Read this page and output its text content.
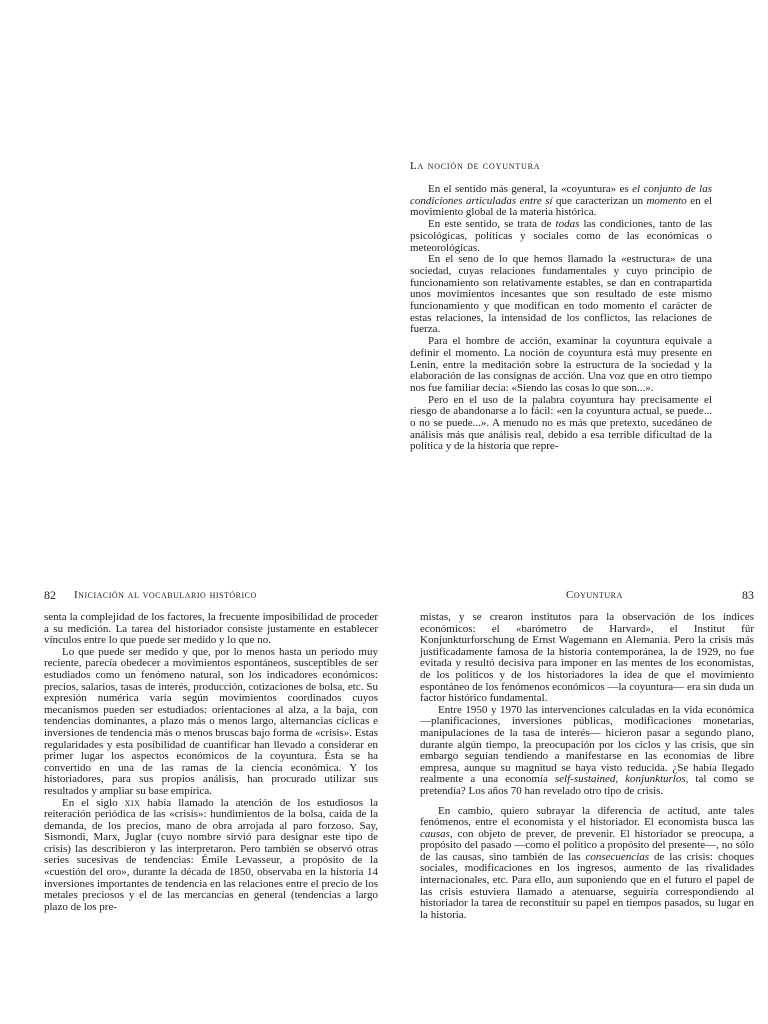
La noción de coyuntura

En el sentido más general, la «coyuntura» es el conjunto de las condiciones articuladas entre sí que caracterizan un momento en el movimiento global de la materia histórica.

En este sentido, se trata de todas las condiciones, tanto de las psicológicas, políticas y sociales como de las económicas o meteorológicas.

En el seno de lo que hemos llamado la «estructura» de una sociedad, cuyas relaciones fundamentales y cuyo principio de funcionamiento son relativamente estables, se dan en contrapartida unos movimientos incesantes que son resultado de este mismo funcionamiento y que modifican en todo momento el carácter de estas relaciones, la intensidad de los conflictos, las relaciones de fuerza.

Para el hombre de acción, examinar la coyuntura equivale a definir el momento. La noción de coyuntura está muy presente en Lenin, entre la meditación sobre la estructura de la sociedad y la elaboración de las consignas de acción. Una voz que en otro tiempo nos fue familiar decía: «Siendo las cosas lo que son...».

Pero en el uso de la palabra coyuntura hay precisamente el riesgo de abandonarse a lo fácil: «en la coyuntura actual, se puede... o no se puede...». A menudo no es más que pretexto, sucedáneo de análisis más que análisis real, debido a esa terrible dificultad de la política y de la historia que repre-

82 Iniciación al vocabulario histórico

senta la complejidad de los factores, la frecuente imposibilidad de proceder a su medición. La tarea del historiador consiste justamente en establecer vínculos entre lo que puede ser medido y lo que no.

Lo que puede ser medido y que, por lo menos hasta un período muy reciente, parecía obedecer a movimientos espontáneos, susceptibles de ser estudiados como un fenómeno natural, son los indicadores económicos: precios, salarios, tasas de interés, producción, cotizaciones de bolsa, etc. Su expresión numérica varía según movimientos coordinados cuyos mecanismos pueden ser estudiados: orientaciones al alza, a la baja, con tendencias dominantes, a plazo más o menos largo, alternancias cíclicas e inversiones de tendencia más o menos bruscas bajo forma de «crisis». Estas regularidades y esta posibilidad de cuantificar han llevado a considerar en primer lugar los aspectos económicos de la coyuntura. Ésta se ha convertido en una de las ramas de la ciencia económica. Y los historiadores, para sus propios análisis, han procurado utilizar sus resultados y ampliar su base empírica.

En el siglo xix había llamado la atención de los estudiosos la reiteración periódica de las «crisis»: hundimientos de la bolsa, caída de la demanda, de los precios, mano de obra arrojada al paro forzoso. Say, Sismondi, Marx, Juglar (cuyo nombre sirvió para designar este tipo de crisis) las describieron y las interpretaron. Pero también se observó otras series sucesivas de tendencias: Émile Levasseur, a propósito de la «cuestión del oro», durante la década de 1850, observaba en la historia 14 inversiones importantes de tendencia en las relaciones entre el precio de los metales preciosos y el de las mercancías en general (tendencias a largo plazo de los pre-

Coyuntura	83

mistas, y se crearon institutos para la observación de los índices económicos: el «barómetro de Harvard», el Institut für Konjunkturforschung de Ernst Wagemann en Alemania. Pero la crisis más justificadamente famosa de la historia contemporánea, la de 1929, no fue evitada y resultó decisiva para imponer en las mentes de los economistas, de los políticos y de los historiadores la idea de que el movimiento espontáneo de los fenómenos económicos —la coyuntura— era sin duda un factor histórico fundamental.

Entre 1950 y 1970 las intervenciones calculadas en la vida económica —planificaciones, inversiones públicas, modificaciones monetarias, manipulaciones de la tasa de interés— hicieron pasar a segundo plano, durante algún tiempo, la preocupación por los ciclos y las crisis, que sin embargo seguían tendiendo a manifestarse en las economías de libre empresa, aunque su magnitud se haya visto reducida. ¿Se había llegado realmente a una economía self-sustained, konjunkturlos, tal como se pretendía? Los años 70 han revelado otro tipo de crisis.

En cambio, quiero subrayar la diferencia de actitud, ante tales fenómenos, entre el economista y el historiador. El economista busca las causas, con objeto de prever, de prevenir. El historiador se preocupa, a propósito del pasado —como el político a propósito del presente—, no sólo de las causas, sino también de las consecuencias de las crisis: choques sociales, modificaciones en los ingresos, aumento de las rivalidades internacionales, etc. Para ello, aun suponiendo que en el futuro el papel de las crisis estuviera llamado a atenuarse, seguiría correspondiendo al historiador la tarea de reconstituir su papel en tiempos pasados, su lugar en la historia.
